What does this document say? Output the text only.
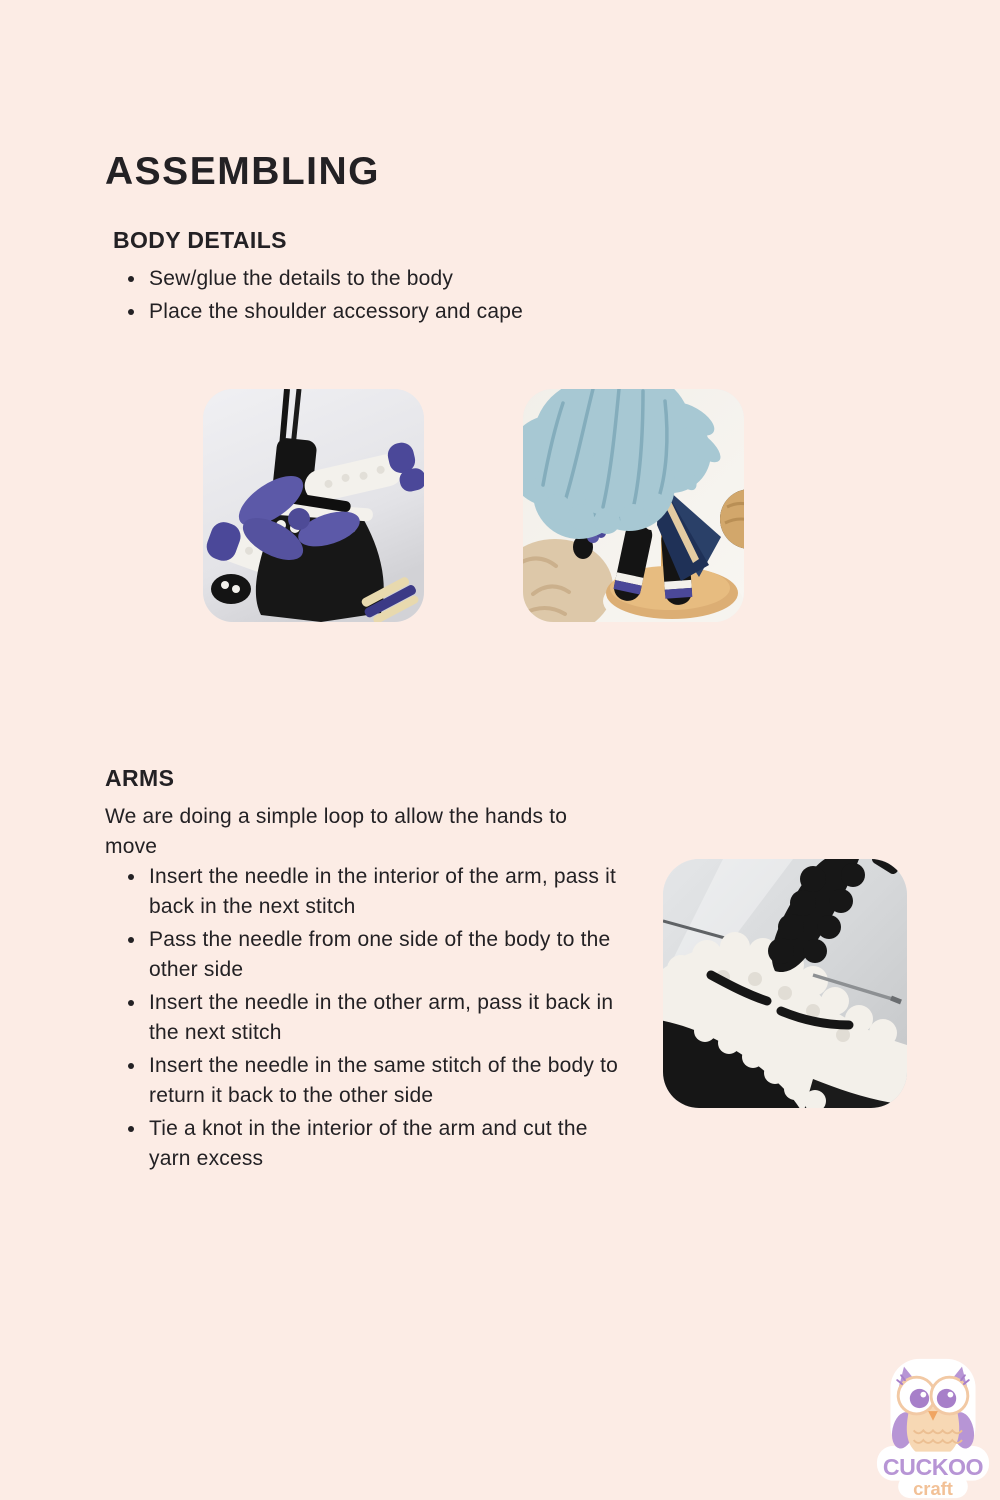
ASSEMBLING
BODY DETAILS
• Sew/glue the details to the body
• Place the shoulder accessory and cape
ARMS

We are doing a simple loop to allow the hands to move

• Insert the needle in the interior of the arm, pass it back in the next stitch
• Pass the needle from one side of the body to the other side
• Insert the needle in the other arm, pass it back in the next stitch
• Insert the needle in the same stitch of the body to return it back to the other side
• Tie a knot in the interior of the arm and cut the yarn excess
CUCKOO
craft
